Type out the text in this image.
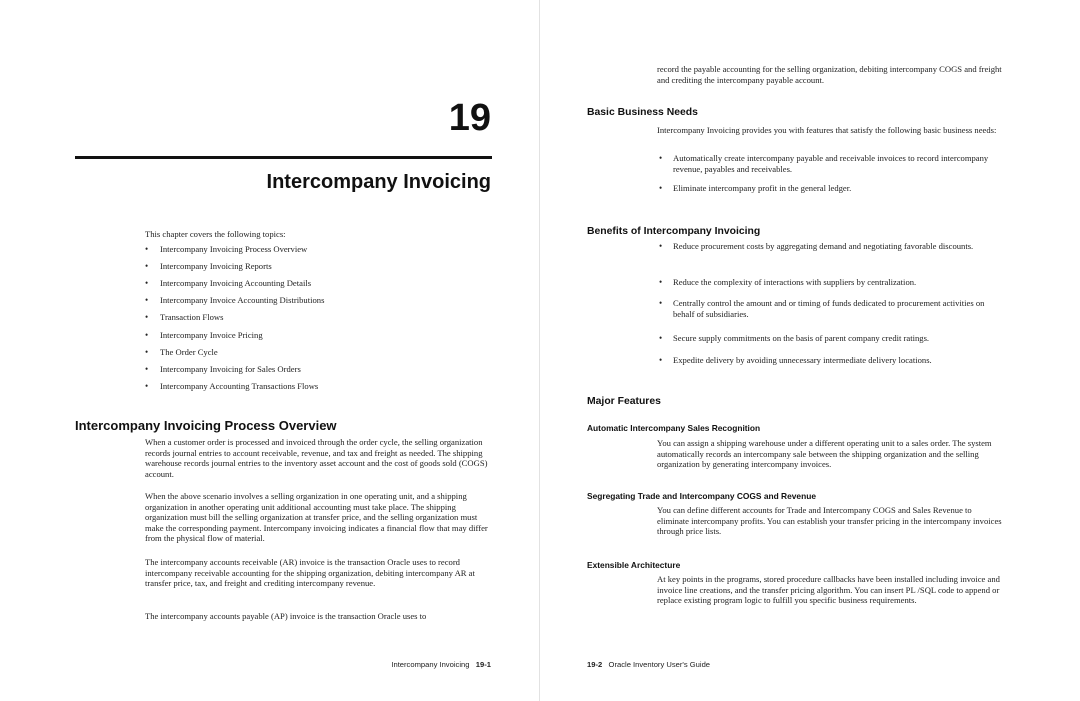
19
Intercompany Invoicing
This chapter covers the following topics:
• Intercompany Invoicing Process Overview
• Intercompany Invoicing Reports
• Intercompany Invoicing Accounting Details
• Intercompany Invoice Accounting Distributions
• Transaction Flows
• Intercompany Invoice Pricing
• The Order Cycle
• Intercompany Invoicing for Sales Orders
• Intercompany Accounting Transactions Flows
Intercompany Invoicing Process Overview

When a customer order is processed and invoiced through the order cycle, the selling organization records journal entries to account receivable, revenue, and tax and freight as needed. The shipping warehouse records journal entries to the inventory asset account and the cost of goods sold (COGS) account.

When the above scenario involves a selling organization in one operating unit, and a shipping organization in another operating unit additional accounting must take place. The shipping organization must bill the selling organization at transfer price, and the selling organization must make the corresponding payment. Intercompany invoicing indicates a financial flow that may differ from the physical flow of material.

The intercompany accounts receivable (AR) invoice is the transaction Oracle uses to record intercompany receivable accounting for the shipping organization, debiting intercompany AR at transfer price, tax, and freight and crediting intercompany revenue.

The intercompany accounts payable (AP) invoice is the transaction Oracle uses to

Intercompany Invoicing 19-1

record the payable accounting for the selling organization, debiting intercompany COGS and freight and crediting the intercompany payable account.

Basic Business Needs

Intercompany Invoicing provides you with features that satisfy the following basic business needs:

• Automatically create intercompany payable and receivable invoices to record intercompany revenue, payables and receivables.
• Eliminate intercompany profit in the general ledger.
Benefits of Intercompany Invoicing
• Reduce procurement costs by aggregating demand and negotiating favorable discounts.
• Reduce the complexity of interactions with suppliers by centralization.
• Centrally control the amount and or timing of funds dedicated to procurement activities on behalf of subsidiaries.
• Secure supply commitments on the basis of parent company credit ratings.
• Expedite delivery by avoiding unnecessary intermediate delivery locations.
Major Features
Automatic Intercompany Sales Recognition

You can assign a shipping warehouse under a different operating unit to a sales order. The system automatically records an intercompany sale between the shipping organization and the selling organization by generating intercompany invoices.

Segregating Trade and Intercompany COGS and Revenue

You can define different accounts for Trade and Intercompany COGS and Sales Revenue to eliminate intercompany profits. You can establish your transfer pricing in the intercompany invoices through price lists.

Extensible Architecture

At key points in the programs, stored procedure callbacks have been installed including invoice and invoice line creations, and the transfer pricing algorithm. You can insert PL /SQL code to append or replace existing program logic to fulfill you specific business requirements.

19-2 Oracle Inventory User's Guide
